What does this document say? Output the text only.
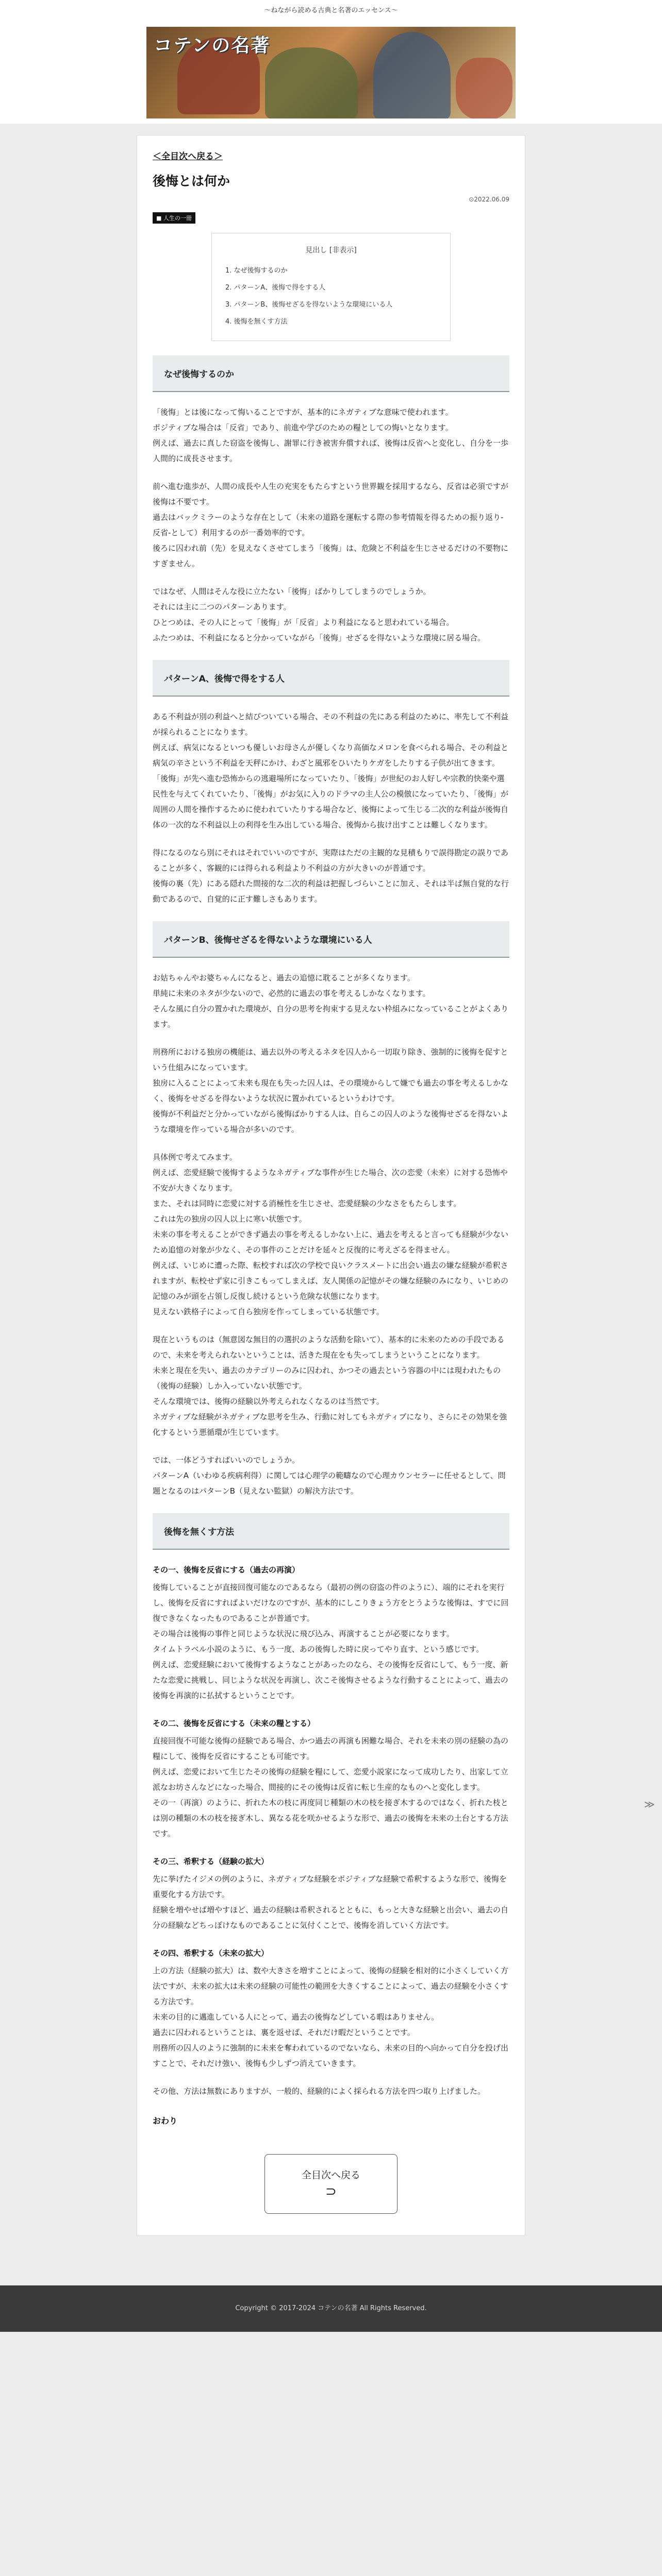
〜ねながら読める古典と名著のエッセンス〜
コテンの名著
＜全目次へ戻る＞
後悔とは何か
⊙2022.06.09
■ 人生の一冊
見出し [非表示]
1. なぜ後悔するのか
2. パターンA、後悔で得をする人
3. パターンB、後悔せざるを得ないような環境にいる人
4. 後悔を無くす方法
なぜ後悔するのか

「後悔」とは後になって悔いることですが、基本的にネガティブな意味で使われます。
ポジティブな場合は「反省」であり、前進や学びのための糧としての悔いとなります。
例えば、過去に真した窃盗を後悔し、謝罪に行き被害弁償すれば、後悔は反省へと変化し、自分を一歩人間的に成長させます。

前へ進む進歩が、人間の成長や人生の充実をもたらすという世界観を採用するなら、反省は必須ですが後悔は不要です。
過去はバックミラーのような存在として（未来の道路を運転する際の参考情報を得るための振り返り-反省-として）利用するのが一番効率的です。
後ろに囚われ前（先）を見えなくさせてしまう「後悔」は、危険と不利益を生じさせるだけの不要物にすぎません。

ではなぜ、人間はそんな役に立たない「後悔」ばかりしてしまうのでしょうか。
それには主に二つのパターンあります。
ひとつめは、その人にとって「後悔」が「反省」より利益になると思われている場合。
ふたつめは、不利益になると分かっていながら「後悔」せざるを得ないような環境に居る場合。

パターンA、後悔で得をする人

ある不利益が別の利益へと結びついている場合、その不利益の先にある利益のために、率先して不利益が採られることになります。
例えば、病気になるといつも優しいお母さんが優しくなり高価なメロンを食べられる場合、その利益と病気の辛さという不利益を天秤にかけ、わざと風邪をひいたりケガをしたりする子供が出てきます。
「後悔」が先へ進む恐怖からの逃避場所になっていたり、「後悔」が世紀のお人好しや宗教的快楽や選民性を与えてくれていたり、「後悔」がお気に入りのドラマの主人公の模倣になっていたり、「後悔」が周囲の人間を操作するために使われていたりする場合など、後悔によって生じる二次的な利益が後悔自体の一次的な不利益以上の利得を生み出している場合、後悔から抜け出すことは難しくなります。

得になるのなら別にそれはそれでいいのですが、実際はただの主観的な見積もりで誤得勘定の誤りであることが多く、客観的には得られる利益より不利益の方が大きいのが普通です。
後悔の裏（先）にある隠れた間接的な二次的利益は把握しづらいことに加え、それは半ば無自覚的な行動であるので、自覚的に正す難しさもあります。

パターンB、後悔せざるを得ないような環境にいる人

お姑ちゃんやお婆ちゃんになると、過去の追憶に耽ることが多くなります。
単純に未来のネタが少ないので、必然的に過去の事を考えるしかなくなります。
そんな風に自分の置かれた環境が、自分の思考を拘束する見えない枠組みになっていることがよくあります。

刑務所における独房の機能は、過去以外の考えるネタを囚人から一切取り除き、強制的に後悔を促すという仕組みになっています。
独房に入ることによって未来も現在も失った囚人は、その環境からして嫌でも過去の事を考えるしかなく、後悔をせざるを得ないような状況に置かれているというわけです。
後悔が不利益だと分かっていながら後悔ばかりする人は、自らこの囚人のような後悔せざるを得ないような環境を作っている場合が多いのです。

具体例で考えてみます。
例えば、恋愛経験で後悔するようなネガティブな事件が生じた場合、次の恋愛（未来）に対する恐怖や不安が大きくなります。
また、それは同時に恋愛に対する消極性を生じさせ、恋愛経験の少なさをもたらします。
これは先の独房の囚人以上に寒い状態です。
未来の事を考えることができず過去の事を考えるしかない上に、過去を考えると言っても経験が少ないため追憶の対象が少なく、その事件のことだけを延々と反復的に考えざるを得ません。
例えば、いじめに遭った際、転校すれば次の学校で良いクラスメートに出会い過去の嫌な経験が希釈されますが、転校せず家に引きこもってしまえば、友人関係の記憶がその嫌な経験のみになり、いじめの記憶のみが頭を占領し反復し続けるという危険な状態になります。
見えない鉄格子によって自ら独房を作ってしまっている状態です。

現在というものは（無意図な無目的の選択のような活動を除いて）、基本的に未来のための手段であるので、未来を考えられないということは、活きた現在をも失ってしまうということになります。
未来と現在を失い、過去のカテゴリーのみに囚われ、かつその過去という容器の中には現われたもの（後悔の経験）しか入っていない状態です。
そんな環境では、後悔の経験以外考えられなくなるのは当然です。
ネガティブな経験がネガティブな思考を生み、行動に対してもネガティブになり、さらにその効果を強化するという悪循環が生じています。

では、一体どうすればいいのでしょうか。
パターンA（いわゆる疾病利得）に関しては心理学の範疇なので心理カウンセラーに任せるとして、問題となるのはパターンB（見えない監獄）の解決方法です。

後悔を無くす方法
その一、後悔を反省にする（過去の再演）

後悔していることが直接回復可能なのであるなら（最初の例の窃盗の件のように）、端的にそれを実行し、後悔を反省にすればよいだけなのですが、基本的にしこりきょう方をとうような後悔は、すでに回復できなくなったものであることが普通です。
その場合は後悔の事件と同じような状況に飛び込み、再演することが必要になります。
タイムトラベル小説のように、もう一度、あの後悔した時に戻ってやり直す、という感じです。
例えば、恋愛経験において後悔するようなことがあったのなら、その後悔を反省にして、もう一度、新たな恋愛に挑戦し、同じような状況を再演し、次こそ後悔させるような行動することによって、過去の後悔を再演的に払拭するということです。

その二、後悔を反省にする（未来の糧とする）

直接回復不可能な後悔の経験である場合、かつ過去の再演も困難な場合、それを未来の別の経験の為の糧にして、後悔を反省にすることも可能です。
例えば、恋愛において生じたその後悔の経験を糧にして、恋愛小説家になって成功したり、出家して立派なお坊さんなどになった場合、間接的にその後悔は反省に転じ生産的なものへと変化します。
その一（再演）のように、折れた木の枝に再度同じ種類の木の枝を接ぎ木するのではなく、折れた枝とは別の種類の木の枝を接ぎ木し、異なる花を咲かせるような形で、過去の後悔を未来の土台とする方法です。

その三、希釈する（経験の拡大）

先に挙げたイジメの例のように、ネガティブな経験をポジティブな経験で希釈するような形で、後悔を重要化する方法です。
経験を増やせば増やすほど、過去の経験は希釈されるとともに、もっと大きな経験と出会い、過去の自分の経験などちっぽけなものであることに気付くことで、後悔を消していく方法です。

その四、希釈する（未来の拡大）

上の方法（経験の拡大）は、数や大きさを増すことによって、後悔の経験を相対的に小さくしていく方法ですが、未来の拡大は未来の経験の可能性の範囲を大きくすることによって、過去の経験を小さくする方法です。
未来の目的に邁進している人にとって、過去の後悔などしている暇はありません。
過去に囚われるということは、裏を返せば、それだけ暇だということです。
刑務所の囚人のように強制的に未来を奪われているのでないなら、未来の目的へ向かって自分を投げ出すことで、それだけ強い、後悔も少しずつ消えていきます。

その他、方法は無数にありますが、一般的、経験的によく採られる方法を四つ取り上げました。

おわり
全目次へ戻る
⊃
≫
Copyright © 2017-2024 コテンの名著 All Rights Reserved.
